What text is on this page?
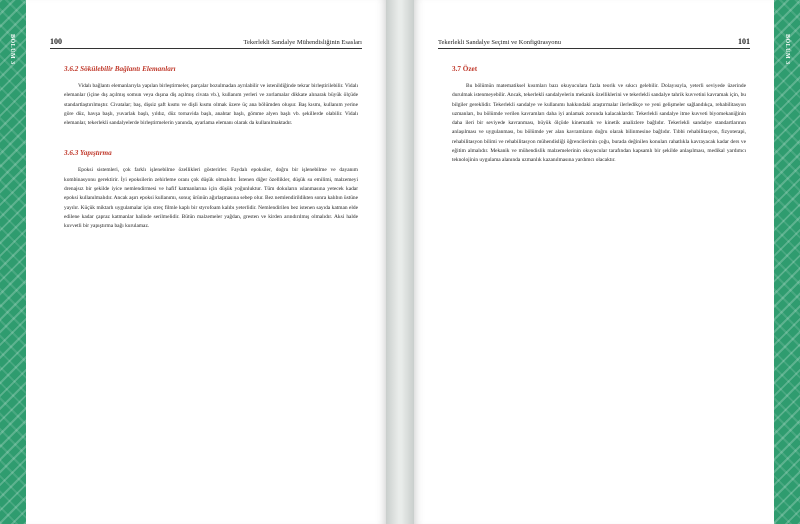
BÖLÜM 3	100	Tekerlekli Sandalye Mühendisliğinin Esasları
3.6.2 Sökülebilir Bağlantı Elemanları

Vidalı bağlantı elemanlarıyla yapılan birleştirmeler, parçalar bozulmadan ayrılabilir ve istenildiğinde tekrar birleştirilebilir. Vidalı elemanlar (içine dış açılmış somun veya dışına diş açılmış civata vb.), kullanım yerleri ve zorlamalar dikkate alınarak büyük ölçüde standartlaştırılmıştır. Civatalar; baş, dişsiz şaft kısmı ve dişli kısmı olmak üzere üç ana bölümden oluşur. Baş kısmı, kullanım yerine göre düz, havşa başlı, yuvarlak başlı, yıldız, düz tornavida başlı, anahtar başlı, gömme alyen başlı vb. şekillerde olabilir. Vidalı elemanlar, tekerlekli sandalyelerde birleştirmelerin yanında, ayarlama elemanı olarak da kullanılmaktadır.

3.6.3 Yapıştırma

Epoksi sistemleri, çok farklı işlenebilme özellikleri gösterirler. Faydalı epoksiler, doğru bir işlenebilme ve dayanım kombinasyonu gerektirir. İyi epoksilerin zehirleme oranı çok düşük olmalıdır. İstenen diğer özellikler, düşük su emilimi, malzemeyi drenajsız bir şekilde iyice nemlendirmesi ve hafif katmanlarına için düşük yoğunluktur. Tüm dokuların ıslanmasına yetecek kadar epoksi kullanılmalıdır. Ancak aşırı epoksi kullanımı, sonuç ürünün ağırlaşmasına sebep olur. Bez nemlendirildikten sonra kalıbın üstüne yayılır. Küçük miktarlı uygulamalar için streç filmle kaplı bir styrofoam kalıbı yeterlidir. Nemlendirilen bez istenen sayıda katman elde edilene kadar çapraz katmanlar halinde serilmelidir. Bütün malzemeler yağdan, gresten ve kirden arındırılmış olmalıdır. Aksi halde kuvvetli bir yapıştırma bağı kurulamaz.

Tekerlekli Sandalye Seçimi ve Konfigürasyonu	101
3.7 Özet

Bu bölümün matematiksel kısımları bazı okuyuculara fazla teorik ve sıkıcı gelebilir. Dolayısıyla, yeterli seviyede üzerinde durulmak istenmeyebilir. Ancak, tekerlekli sandalyelerin mekanik özelliklerini ve tekerlekli sandalye tahrik kuvvetini kavramak için, bu bilgiler gereklidir. Tekerlekli sandalye ve kullanımı hakkındaki araştırmalar ilerledikçe ve yeni gelişmeler sağlandıkça, rehabilitasyon uzmanları, bu bölümde verilen kavramları daha iyi anlamak zorunda kalacaklardır. Tekerlekli sandalye itme kuvveti biyomekaniğinin daha ileri bir seviyede kavranması, büyük ölçüde kinematik ve kinetik analizlere bağlıdır. Tekerlekli sandalye standartlarının anlaşılması ve uygulanması, bu bölümde yer alan kavramların doğru olarak bilinmesine bağlıdır. Tıbbi rehabilitasyon, fizyoterapi, rehabilitasyon bilimi ve rehabilitasyon mühendisliği öğrencilerinin çoğu, burada değinilen konuları rahatlıkla kavrayacak kadar ders ve eğitim almalıdır. Mekanik ve mühendislik malzemelerinin okuyucular tarafından kapsamlı bir şekilde anlaşılması, medikal yardımcı teknolojinin uygulama alanında uzmanlık kazanılmasına yardımcı olacaktır.

BÖLÜM 3
